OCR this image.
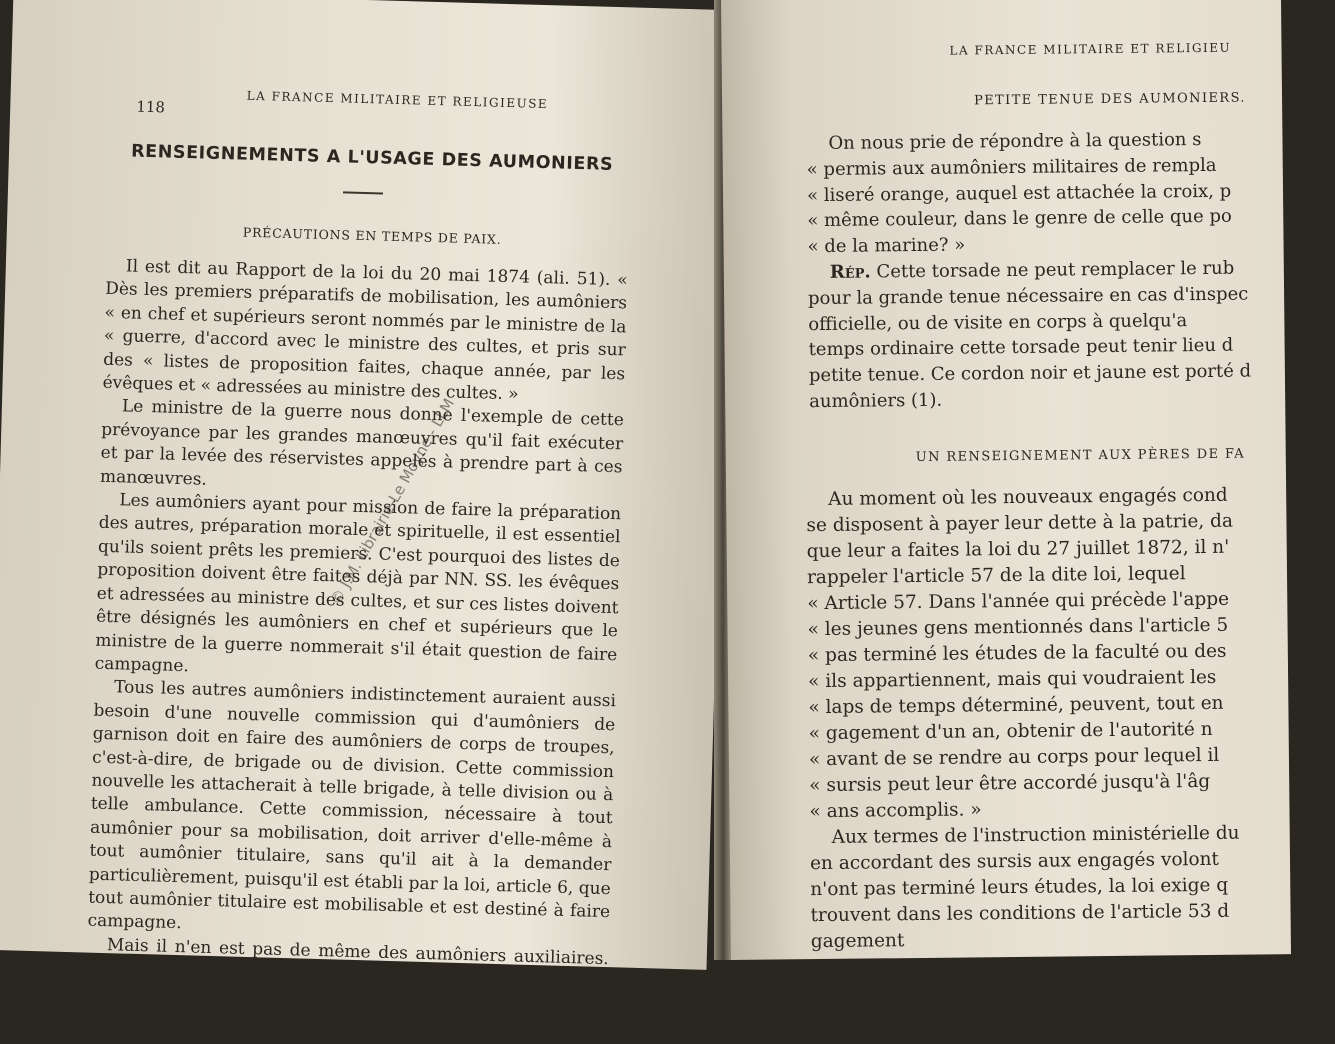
118	LA FRANCE MILITAIRE ET RELIGIEUSE
RENSEIGNEMENTS A L'USAGE DES AUMONIERS
PRÉCAUTIONS EN TEMPS DE PAIX.

Il est dit au Rapport de la loi du 20 mai 1874 (ali. 51). « Dès les premiers préparatifs de mobilisation, les aumôniers « en chef et supérieurs seront nommés par le ministre de la « guerre, d'accord avec le ministre des cultes, et pris sur des « listes de proposition faites, chaque année, par les évêques et « adressées au ministre des cultes. »

Le ministre de la guerre nous donne l'exemple de cette prévoyance par les grandes manœuvres qu'il fait exécuter et par la levée des réservistes appelés à prendre part à ces manœuvres.

Les aumôniers ayant pour mission de faire la préparation des autres, préparation morale et spirituelle, il est essentiel qu'ils soient prêts les premiers. C'est pourquoi des listes de proposition doivent être faites déjà par NN. SS. les évêques et adressées au ministre des cultes, et sur ces listes doivent être désignés les aumôniers en chef et supérieurs que le ministre de la guerre nommerait s'il était question de faire campagne.

Tous les autres aumôniers indistinctement auraient aussi besoin d'une nouvelle commission qui d'aumôniers de garnison doit en faire des aumôniers de corps de troupes, c'est-à-dire, de brigade ou de division. Cette commission nouvelle les attacherait à telle brigade, à telle division ou à telle ambulance. Cette commission, nécessaire à tout aumônier pour sa mobilisation, doit arriver d'elle-même à tout aumônier titulaire, sans qu'il ait à la demander particulièrement, puisqu'il est établi par la loi, article 6, que tout aumônier titulaire est mobilisable et est destiné à faire campagne.

Mais il n'en est pas de même des aumôniers auxiliaires. Pour eux (ceux qui veulent faire campagne), ils doivent se faire admettre et proposer par leur évêque au ministre commissionner par le ministre

© J.M. Librairie-Le Moyne - LLM
LA FRANCE MILITAIRE ET RELIGIEU
PETITE TENUE DES AUMONIERS.
On nous prie de répondre à la question s
« permis aux aumôniers militaires de rempla
« liseré orange, auquel est attachée la croix, p
« même couleur, dans le genre de celle que po
« de la marine? »
Rép. Cette torsade ne peut remplacer le rub
pour la grande tenue nécessaire en cas d'inspec
officielle, ou de visite en corps à quelqu'a
temps ordinaire cette torsade peut tenir lieu d
petite tenue. Ce cordon noir et jaune est porté d
aumôniers (1).
UN RENSEIGNEMENT AUX PÈRES DE FA
Au moment où les nouveaux engagés cond
se disposent à payer leur dette à la patrie, da
que leur a faites la loi du 27 juillet 1872, il n'
rappeler l'article 57 de la dite loi, lequel
« Article 57. Dans l'année qui précède l'appe
« les jeunes gens mentionnés dans l'article 5
« pas terminé les études de la faculté ou des
« ils appartiennent, mais qui voudraient les
« laps de temps déterminé, peuvent, tout en
« gagement d'un an, obtenir de l'autorité n
« avant de se rendre au corps pour lequel il
« sursis peut leur être accordé jusqu'à l'âg
« ans accomplis. »
Aux termes de l'instruction ministérielle du
en accordant des sursis aux engagés volont
n'ont pas terminé leurs études, la loi exige q
trouvent dans les conditions de l'article 53 d
gagement
